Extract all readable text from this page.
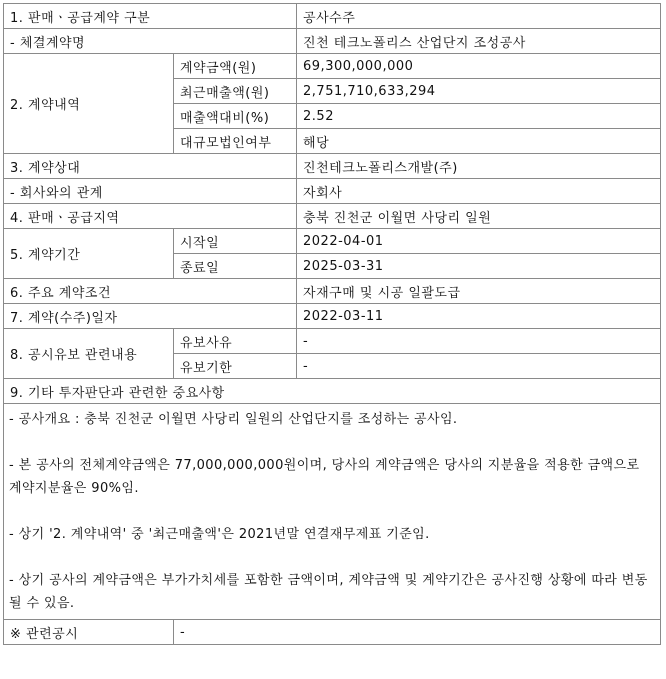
1. 판매ㆍ공급계약 구분		공사수주
- 체결계약명		진천 테크노폴리스 산업단지 조성공사
2. 계약내역	계약금액(원)	69,300,000,000
	최근매출액(원)	2,751,710,633,294
	매출액대비(%)	2.52
	대규모법인여부	해당
3. 계약상대		진천테크노폴리스개발(주)
- 회사와의 관계		자회사
4. 판매ㆍ공급지역		충북 진천군 이월면 사당리 일원
5. 계약기간	시작일	2022-04-01
	종료일	2025-03-31
6. 주요 계약조건		자재구매 및 시공 일괄도급
7. 계약(수주)일자		2022-03-11
8. 공시유보 관련내용	유보사유	-
	유보기한	-
9. 기타 투자판단과 관련한 중요사항		

- 공사개요 : 충북 진천군 이월면 사당리 일원의 산업단지를 조성하는 공사임.

- 본 공사의 전체계약금액은 77,000,000,000원이며, 당사의 계약금액은 당사의 지분율을 적용한 금액으로 계약지분율은 90%임.

- 상기 '2. 계약내역' 중 '최근매출액'은 2021년말 연결재무제표 기준임.

- 상기 공사의 계약금액은 부가가치세를 포함한 금액이며, 계약금액 및 계약기간은 공사진행 상황에 따라 변동될 수 있음.		

※ 관련공시	-	
